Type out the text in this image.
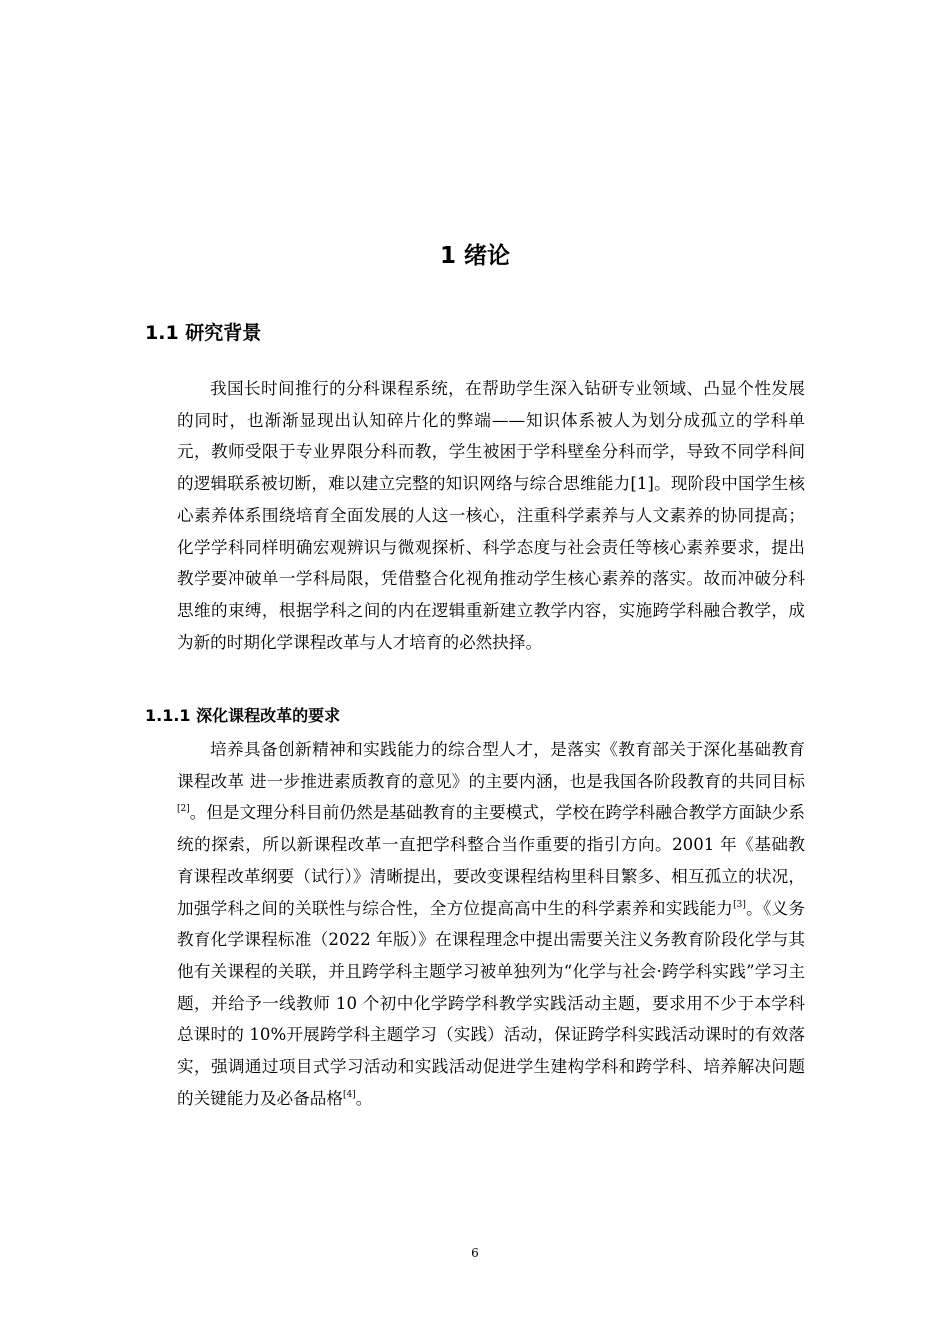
1 绪论
1.1 研究背景

我国长时间推行的分科课程系统，在帮助学生深入钻研专业领域、凸显个性发展的同时，也渐渐显现出认知碎片化的弊端——知识体系被人为划分成孤立的学科单元，教师受限于专业界限分科而教，学生被困于学科壁垒分科而学，导致不同学科间的逻辑联系被切断，难以建立完整的知识网络与综合思维能力[1]。现阶段中国学生核心素养体系围绕培育全面发展的人这一核心，注重科学素养与人文素养的协同提高；化学学科同样明确宏观辨识与微观探析、科学态度与社会责任等核心素养要求，提出教学要冲破单一学科局限，凭借整合化视角推动学生核心素养的落实。故而冲破分科思维的束缚，根据学科之间的内在逻辑重新建立教学内容，实施跨学科融合教学，成为新的时期化学课程改革与人才培育的必然抉择。

1.1.1 深化课程改革的要求

培养具备创新精神和实践能力的综合型人才，是落实《教育部关于深化基础教育课程改革 进一步推进素质教育的意见》的主要内涵，也是我国各阶段教育的共同目标[2]。但是文理分科目前仍然是基础教育的主要模式，学校在跨学科融合教学方面缺少系统的探索，所以新课程改革一直把学科整合当作重要的指引方向。2001 年《基础教育课程改革纲要（试行）》清晰提出，要改变课程结构里科目繁多、相互孤立的状况，加强学科之间的关联性与综合性，全方位提高高中生的科学素养和实践能力[3]。《义务教育化学课程标准（2022 年版）》在课程理念中提出需要关注义务教育阶段化学与其他有关课程的关联，并且跨学科主题学习被单独列为“化学与社会·跨学科实践”学习主题，并给予一线教师 10 个初中化学跨学科教学实践活动主题，要求用不少于本学科总课时的 10%开展跨学科主题学习（实践）活动，保证跨学科实践活动课时的有效落实，强调通过项目式学习活动和实践活动促进学生建构学科和跨学科、培养解决问题的关键能力及必备品格[4]。

6
